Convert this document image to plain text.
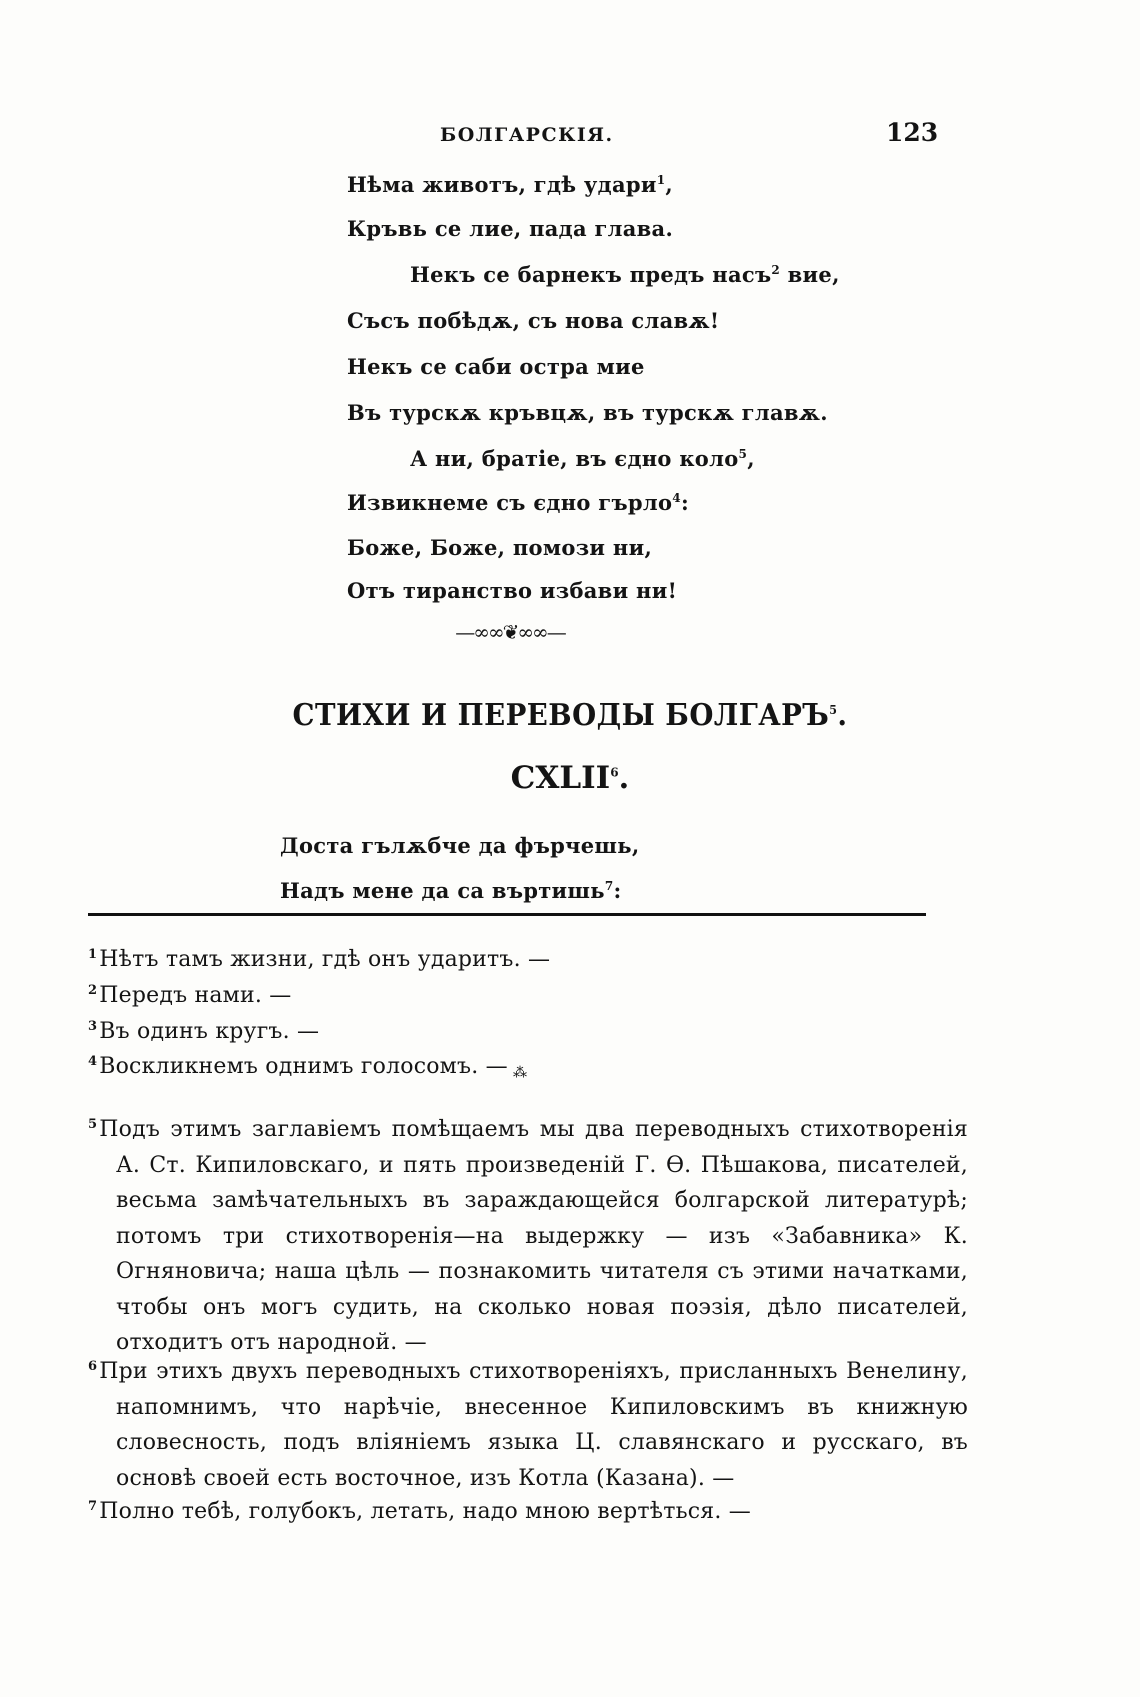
БОЛГАРСКІЯ.	123
Нѣма животъ, гдѣ удари$^1$,
Кръвь се лие, пада глава.
Некъ се барнекъ предъ насъ$^2$ вие,
Съсъ побѣдѫ, съ нова славѫ!
Некъ се саби остра мие
Въ турскѫ кръвцѫ, въ турскѫ главѫ.
А ни, братiе, въ єдно коло$^5$,
Извикнеме съ єдно гърло$^4$:
Боже, Боже, помози ни,
Отъ тиранство избави ни!
—∞∞❦∞∞—
СТИХИ И ПЕРЕВОДЫ БОЛГАРЪ$^5$.
CXLII$^6$.
Доста гълѫбче да фърчешь,
Надъ мене да са въртишь$^7$:
$^1$Нѣтъ тамъ жизни, гдѣ онъ ударитъ. —
$^2$Передъ нами. —
$^3$Въ одинъ кругъ. —
$^4$Воскликнемъ однимъ голосомъ. — ⁂
$^5$Подъ этимъ заглавіемъ помѣщаемъ мы два переводныхъ стихотворенія А. Ст. Кипиловскаго, и пять произведеній Г. Ѳ. Пѣшакова, писателей, весьма замѣчательныхъ въ зараждающейся болгарской литературѣ; потомъ три стихотворенія—на выдержку — изъ «Забавника» К. Огняновича; наша цѣль — познакомить читателя съ этими начатками, чтобы онъ могъ судить, на сколько новая поэзія, дѣло писателей, отходитъ отъ народной. —
$^6$При этихъ двухъ переводныхъ стихотвореніяхъ, присланныхъ Венелину, напомнимъ, что нарѣчіе, внесенное Кипиловскимъ въ книжную словесность, подъ вліяніемъ языка Ц. славянскаго и русскаго, въ основѣ своей есть восточное, изъ Котла (Казана). —
$^7$Полно тебѣ, голубокъ, летать, надо мною вертѣться. —
